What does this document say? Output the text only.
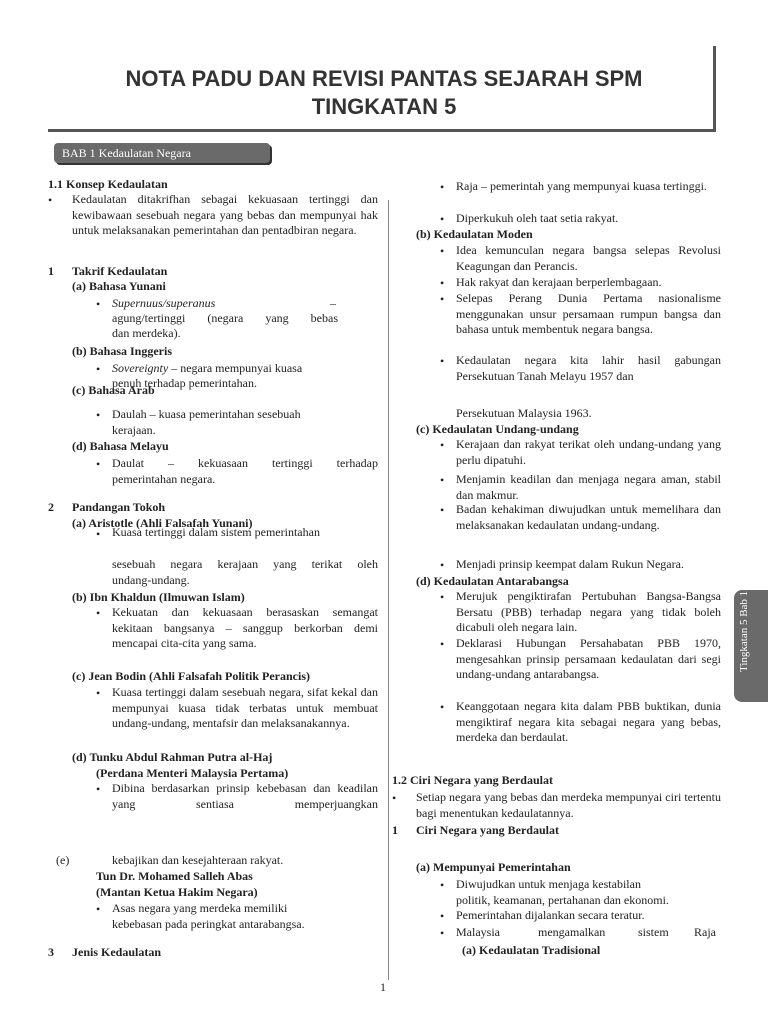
NOTA PADU DAN REVISI PANTAS SEJARAH SPM
TINGKATAN 5
BAB 1 Kedaulatan Negara
1.1 Konsep Kedaulatan
• Kedaulatan ditakrifhan sebagai kekuasaan tertinggi dan kewibawaan sesebuah negara yang bebas dan mempunyai hak untuk melaksanakan pemerintahan dan pentadbiran negara.
1 Takrif Kedaulatan
(a) Bahasa Yunani
• Supernuus/superanus	–
agung/tertinggi (negara yang bebas
dan merdeka).
(b) Bahasa Inggeris
• Sovereignty – negara mempunyai kuasa
penuh terhadap pemerintahan.
(c) Bahasa Arab
• Daulah – kuasa pemerintahan sesebuah
kerajaan.
(d) Bahasa Melayu
• Daulat – kekuasaan tertinggi terhadap
pemerintahan negara.
2 Pandangan Tokoh
(a) Aristotle (Ahli Falsafah Yunani)
• Kuasa tertinggi dalam sistem pemerintahan
sesebuah negara kerajaan yang terikat oleh
undang-undang.
(b) Ibn Khaldun (Ilmuwan Islam)
• Kekuatan dan kekuasaan berasaskan semangat kekitaan bangsanya – sanggup berkorban demi mencapai cita-cita yang sama.
(c) Jean Bodin (Ahli Falsafah Politik Perancis)
• Kuasa tertinggi dalam sesebuah negara, sifat kekal dan mempunyai kuasa tidak terbatas untuk membuat undang-undang, mentafsir dan melaksanakannya.
(d) Tunku Abdul Rahman Putra al-Haj
(Perdana Menteri Malaysia Pertama)
• Dibina berdasarkan prinsip kebebasan dan keadilan yang sentiasa memperjuangkan
(e)	kebajikan dan kesejahteraan rakyat.
Tun Dr. Mohamed Salleh Abas
(Mantan Ketua Hakim Negara)
• Asas negara yang merdeka memiliki
kebebasan pada peringkat antarabangsa.
3 Jenis Kedaulatan
• Raja – pemerintah yang mempunyai kuasa tertinggi.
• Diperkukuh oleh taat setia rakyat.
(b) Kedaulatan Moden
• Idea kemunculan negara bangsa selepas Revolusi Keagungan dan Perancis.
• Hak rakyat dan kerajaan berperlembagaan.
• Selepas Perang Dunia Pertama nasionalisme menggunakan unsur persamaan rumpun bangsa dan bahasa untuk membentuk negara bangsa.
• Kedaulatan negara kita lahir hasil gabungan Persekutuan Tanah Melayu 1957 dan
Persekutuan Malaysia 1963.
(c) Kedaulatan Undang-undang
• Kerajaan dan rakyat terikat oleh undang-undang yang perlu dipatuhi.
• Menjamin keadilan dan menjaga negara aman, stabil dan makmur.
• Badan kehakiman diwujudkan untuk memelihara dan melaksanakan kedaulatan undang-undang.
• Menjadi prinsip keempat dalam Rukun Negara.
(d) Kedaulatan Antarabangsa
• Merujuk pengiktirafan Pertubuhan Bangsa-Bangsa Bersatu (PBB) terhadap negara yang tidak boleh dicabuli oleh negara lain.
• Deklarasi Hubungan Persahabatan PBB 1970, mengesahkan prinsip persamaan kedaulatan dari segi undang-undang antarabangsa.
• Keanggotaan negara kita dalam PBB buktikan, dunia mengiktiraf negara kita sebagai negara yang bebas, merdeka dan berdaulat.
1.2 Ciri Negara yang Berdaulat
• Setiap negara yang bebas dan merdeka mempunyai ciri tertentu bagi menentukan kedaulatannya.
1 Ciri Negara yang Berdaulat
(a) Mempunyai Pemerintahan
• Diwujudkan untuk menjaga kestabilan
politik, keamanan, pertahanan dan ekonomi.
• Pemerintahan dijalankan secara teratur.
• Malaysia	mengamalkan	sistem Raja
(a) Kedaulatan Tradisional
Tingkatan 5 Bab 1
1
